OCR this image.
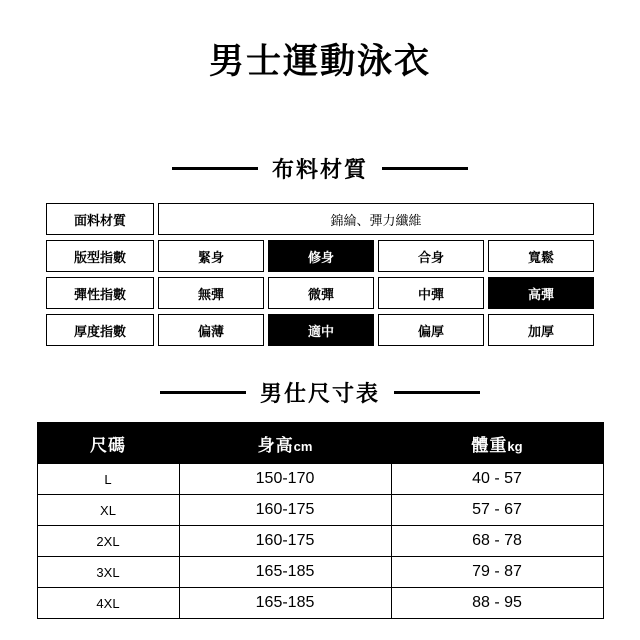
男士運動泳衣
布料材質
面料材質	錦綸、彈力纖維			
版型指數	緊身	修身	合身	寬鬆
彈性指數	無彈	微彈	中彈	高彈
厚度指數	偏薄	適中	偏厚	加厚
男仕尺寸表
尺碼	身高cm	體重kg
L	150-170	40 - 57
XL	160-175	57 - 67
2XL	160-175	68 - 78
3XL	165-185	79 - 87
4XL	165-185	88 - 95
